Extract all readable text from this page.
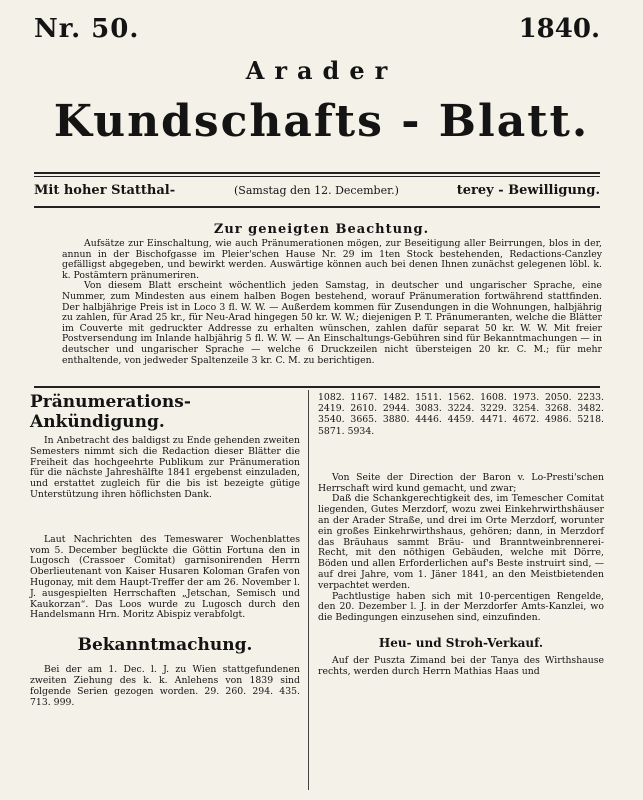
Nr. 50.	1840.
Arader
Kundschafts - Blatt.
Mit hoher Statthal-	(Samstag den 12. December.)	terey - Bewilligung.
Zur geneigten Beachtung.

Aufsätze zur Einschaltung, wie auch Pränumerationen mögen, zur Beseitigung aller Beirrungen, blos in der, annun in der Bischofgasse im Pleier'schen Hause Nr. 29 im 1ten Stock bestehenden, Redactions-Canzley gefälligst abgegeben, und bewirkt werden. Auswärtige können auch bei denen Ihnen zunächst gelegenen löbl. k. k. Postämtern pränumeriren.

Von diesem Blatt erscheint wöchentlich jeden Samstag, in deutscher und ungarischer Sprache, eine Nummer, zum Mindesten aus einem halben Bogen bestehend, worauf Pränumeration fortwährend stattfinden. Der halbjährige Preis ist in Loco 3 fl. W. W. — Außerdem kommen für Zusendungen in die Wohnungen, halbjährig zu zahlen, für Arad 25 kr., für Neu-Arad hingegen 50 kr. W. W.; diejenigen P. T. Pränumeranten, welche die Blätter im Couverte mit gedruckter Addresse zu erhalten wünschen, zahlen dafür separat 50 kr. W. W. Mit freier Postversendung im Inlande halbjährig 5 fl. W. W. — An Einschaltungs-Gebühren sind für Bekanntmachungen — in deutscher und ungarischer Sprache — welche 6 Druckzeilen nicht übersteigen 20 kr. C. M.; für mehr enthaltende, von jedweder Spaltenzeile 3 kr. C. M. zu berichtigen.

Pränumerations-Ankündigung.

In Anbetracht des baldigst zu Ende gehenden zweiten Semesters nimmt sich die Redaction dieser Blätter die Freiheit das hochgeehrte Publikum zur Pränumeration für die nächste Jahreshälfte 1841 ergebenst einzuladen, und erstattet zugleich für die bis ist bezeigte gütige Unterstützung ihren höflichsten Dank.

Laut Nachrichten des Temeswarer Wochenblattes vom 5. December beglückte die Göttin Fortuna den in Lugosch (Crassoer Comitat) garnisonirenden Herrn Oberlieutenant von Kaiser Husaren Koloman Grafen von Hugonay, mit dem Haupt-Treffer der am 26. November l. J. ausgespielten Herrschaften „Jetschan, Semisch und Kaukorzan“. Das Loos wurde zu Lugosch durch den Handelsmann Hrn. Moritz Abispiz verabfolgt.

Bekanntmachung.

Bei der am 1. Dec. l. J. zu Wien stattgefundenen zweiten Ziehung des k. k. Anlehens von 1839 sind folgende Serien gezogen worden. 29. 260. 294. 435. 713. 999.

1082. 1167. 1482. 1511. 1562. 1608. 1973. 2050. 2233. 2419. 2610. 2944. 3083. 3224. 3229. 3254. 3268. 3482. 3540. 3665. 3880. 4446. 4459. 4471. 4672. 4986. 5218. 5871. 5934.

Von Seite der Direction der Baron v. Lo-Presti'schen Herrschaft wird kund gemacht, und zwar;

Daß die Schankgerechtigkeit des, im Temescher Comitat liegenden, Gutes Merzdorf, wozu zwei Einkehrwirthshäuser an der Arader Straße, und drei im Orte Merzdorf, worunter ein großes Einkehrwirthshaus, gehören; dann, in Merzdorf das Bräuhaus sammt Bräu- und Branntweinbrennerei-Recht, mit den nöthigen Gebäuden, welche mit Dörre, Böden und allen Erforderlichen auf's Beste instruirt sind, — auf drei Jahre, vom 1. Jäner 1841, an den Meistbietenden verpachtet werden.

Pachtlustige haben sich mit 10-percentigen Rengelde, den 20. Dezember l. J. in der Merzdorfer Amts-Kanzlei, wo die Bedingungen einzusehen sind, einzufinden.

Heu- und Stroh-Verkauf.

Auf der Puszta Zimand bei der Tanya des Wirthshause rechts, werden durch Herrn Mathias Haas und
